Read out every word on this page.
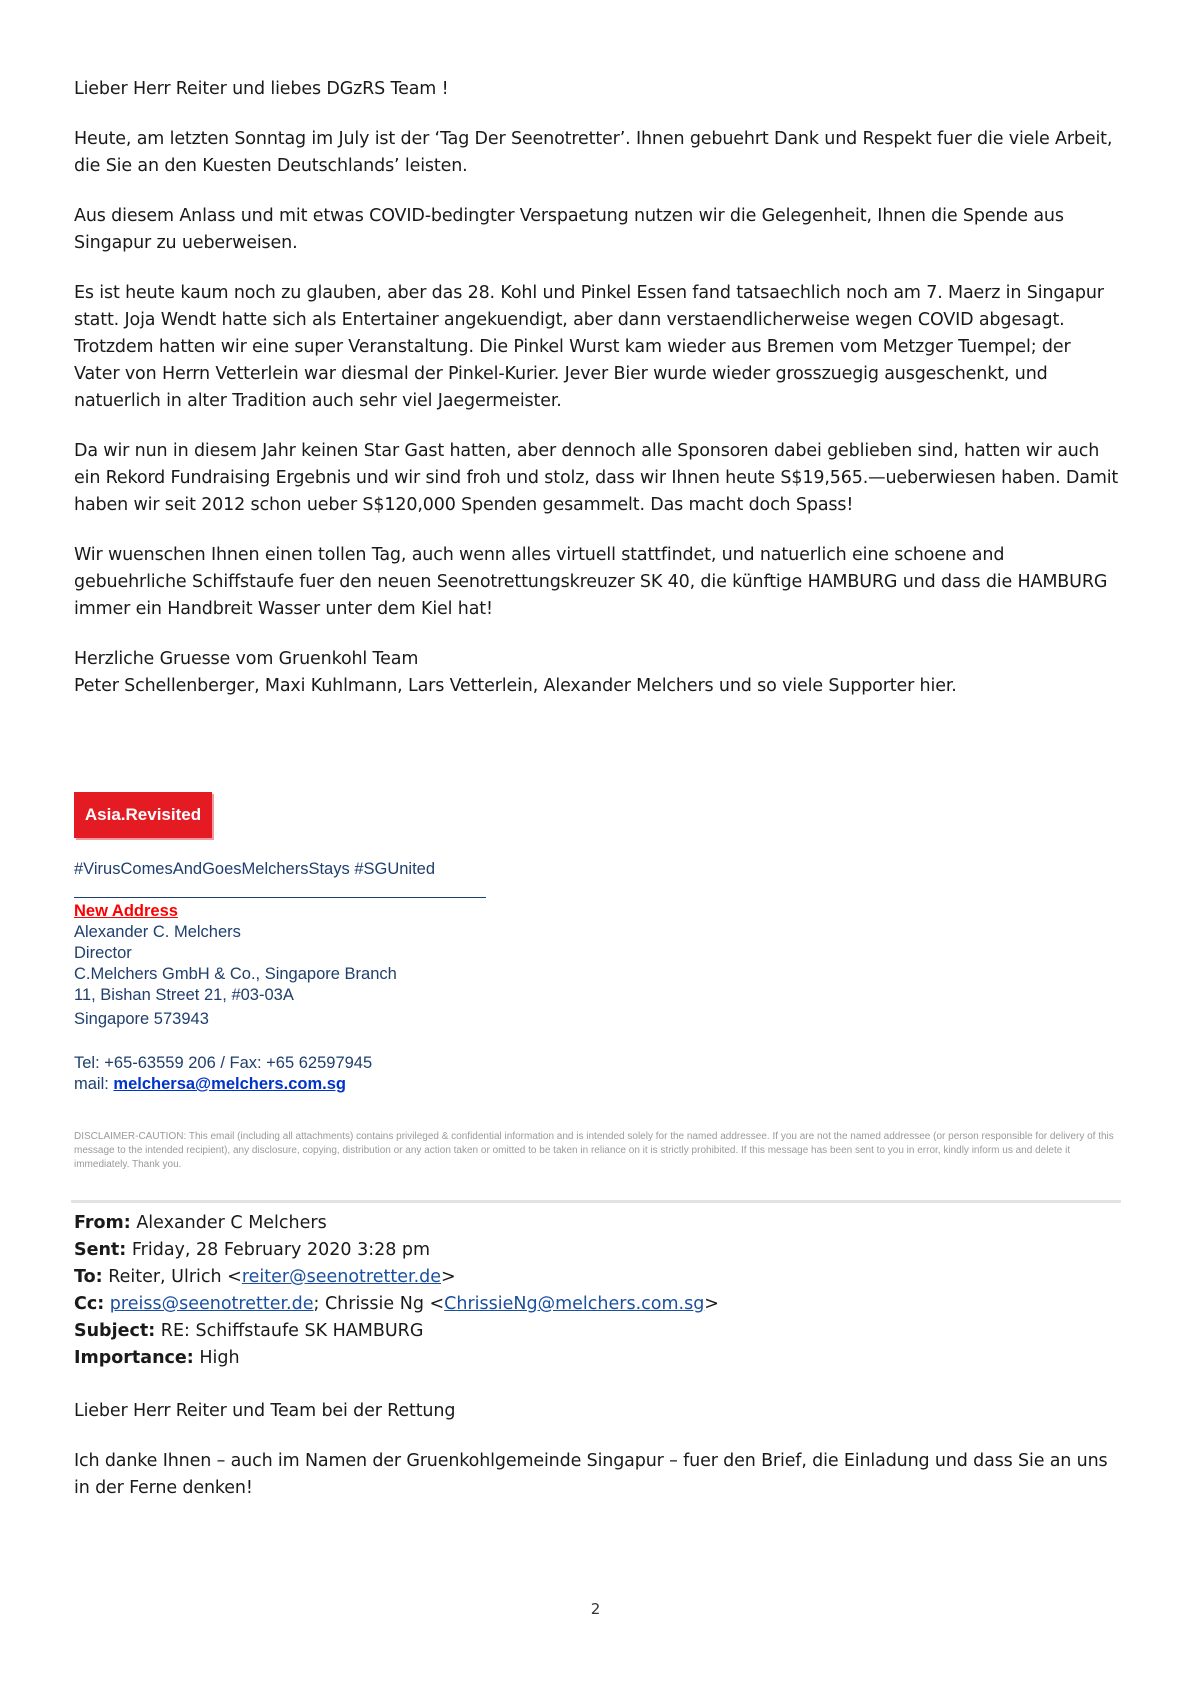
Lieber Herr Reiter und liebes DGzRS Team !

Heute, am letzten Sonntag im July ist der ‘Tag Der Seenotretter’. Ihnen gebuehrt Dank und Respekt fuer die viele Arbeit, die Sie an den Kuesten Deutschlands’ leisten.

Aus diesem Anlass und mit etwas COVID-bedingter Verspaetung nutzen wir die Gelegenheit, Ihnen die Spende aus Singapur zu ueberweisen.

Es ist heute kaum noch zu glauben, aber das 28. Kohl und Pinkel Essen fand tatsaechlich noch am 7. Maerz in Singapur statt. Joja Wendt hatte sich als Entertainer angekuendigt, aber dann verstaendlicherweise wegen COVID abgesagt. Trotzdem hatten wir eine super Veranstaltung. Die Pinkel Wurst kam wieder aus Bremen vom Metzger Tuempel; der Vater von Herrn Vetterlein war diesmal der Pinkel-Kurier. Jever Bier wurde wieder grosszuegig ausgeschenkt, und natuerlich in alter Tradition auch sehr viel Jaegermeister.

Da wir nun in diesem Jahr keinen Star Gast hatten, aber dennoch alle Sponsoren dabei geblieben sind, hatten wir auch ein Rekord Fundraising Ergebnis und wir sind froh und stolz, dass wir Ihnen heute S$19,565.—ueberwiesen haben. Damit haben wir seit 2012 schon ueber S$120,000 Spenden gesammelt. Das macht doch Spass!

Wir wuenschen Ihnen einen tollen Tag, auch wenn alles virtuell stattfindet, und natuerlich eine schoene and gebuehrliche Schiffstaufe fuer den neuen Seenotrettungskreuzer SK 40, die künftige HAMBURG und dass die HAMBURG immer ein Handbreit Wasser unter dem Kiel hat!

Herzliche Gruesse vom Gruenkohl Team

Peter Schellenberger, Maxi Kuhlmann, Lars Vetterlein, Alexander Melchers und so viele Supporter hier.

Asia.Revisited
#VirusComesAndGoesMelchersStays #SGUnited
New Address
Alexander C. Melchers
Director
C.Melchers GmbH & Co., Singapore Branch
11, Bishan Street 21, #03-03A
Singapore 573943
Tel: +65-63559 206 / Fax: +65 62597945
mail: melchersa@melchers.com.sg
DISCLAIMER-CAUTION: This email (including all attachments) contains privileged & confidential information and is intended solely for the named addressee. If you are not the named addressee (or person responsible for delivery of this message to the intended recipient), any disclosure, copying, distribution or any action taken or omitted to be taken in reliance on it is strictly prohibited. If this message has been sent to you in error, kindly inform us and delete it immediately. Thank you.
From: Alexander C Melchers
Sent: Friday, 28 February 2020 3:28 pm
To: Reiter, Ulrich <reiter@seenotretter.de>
Cc: preiss@seenotretter.de; Chrissie Ng <ChrissieNg@melchers.com.sg>
Subject: RE: Schiffstaufe SK HAMBURG
Importance: High

Lieber Herr Reiter und Team bei der Rettung

Ich danke Ihnen – auch im Namen der Gruenkohlgemeinde Singapur – fuer den Brief, die Einladung und dass Sie an uns in der Ferne denken!

2
